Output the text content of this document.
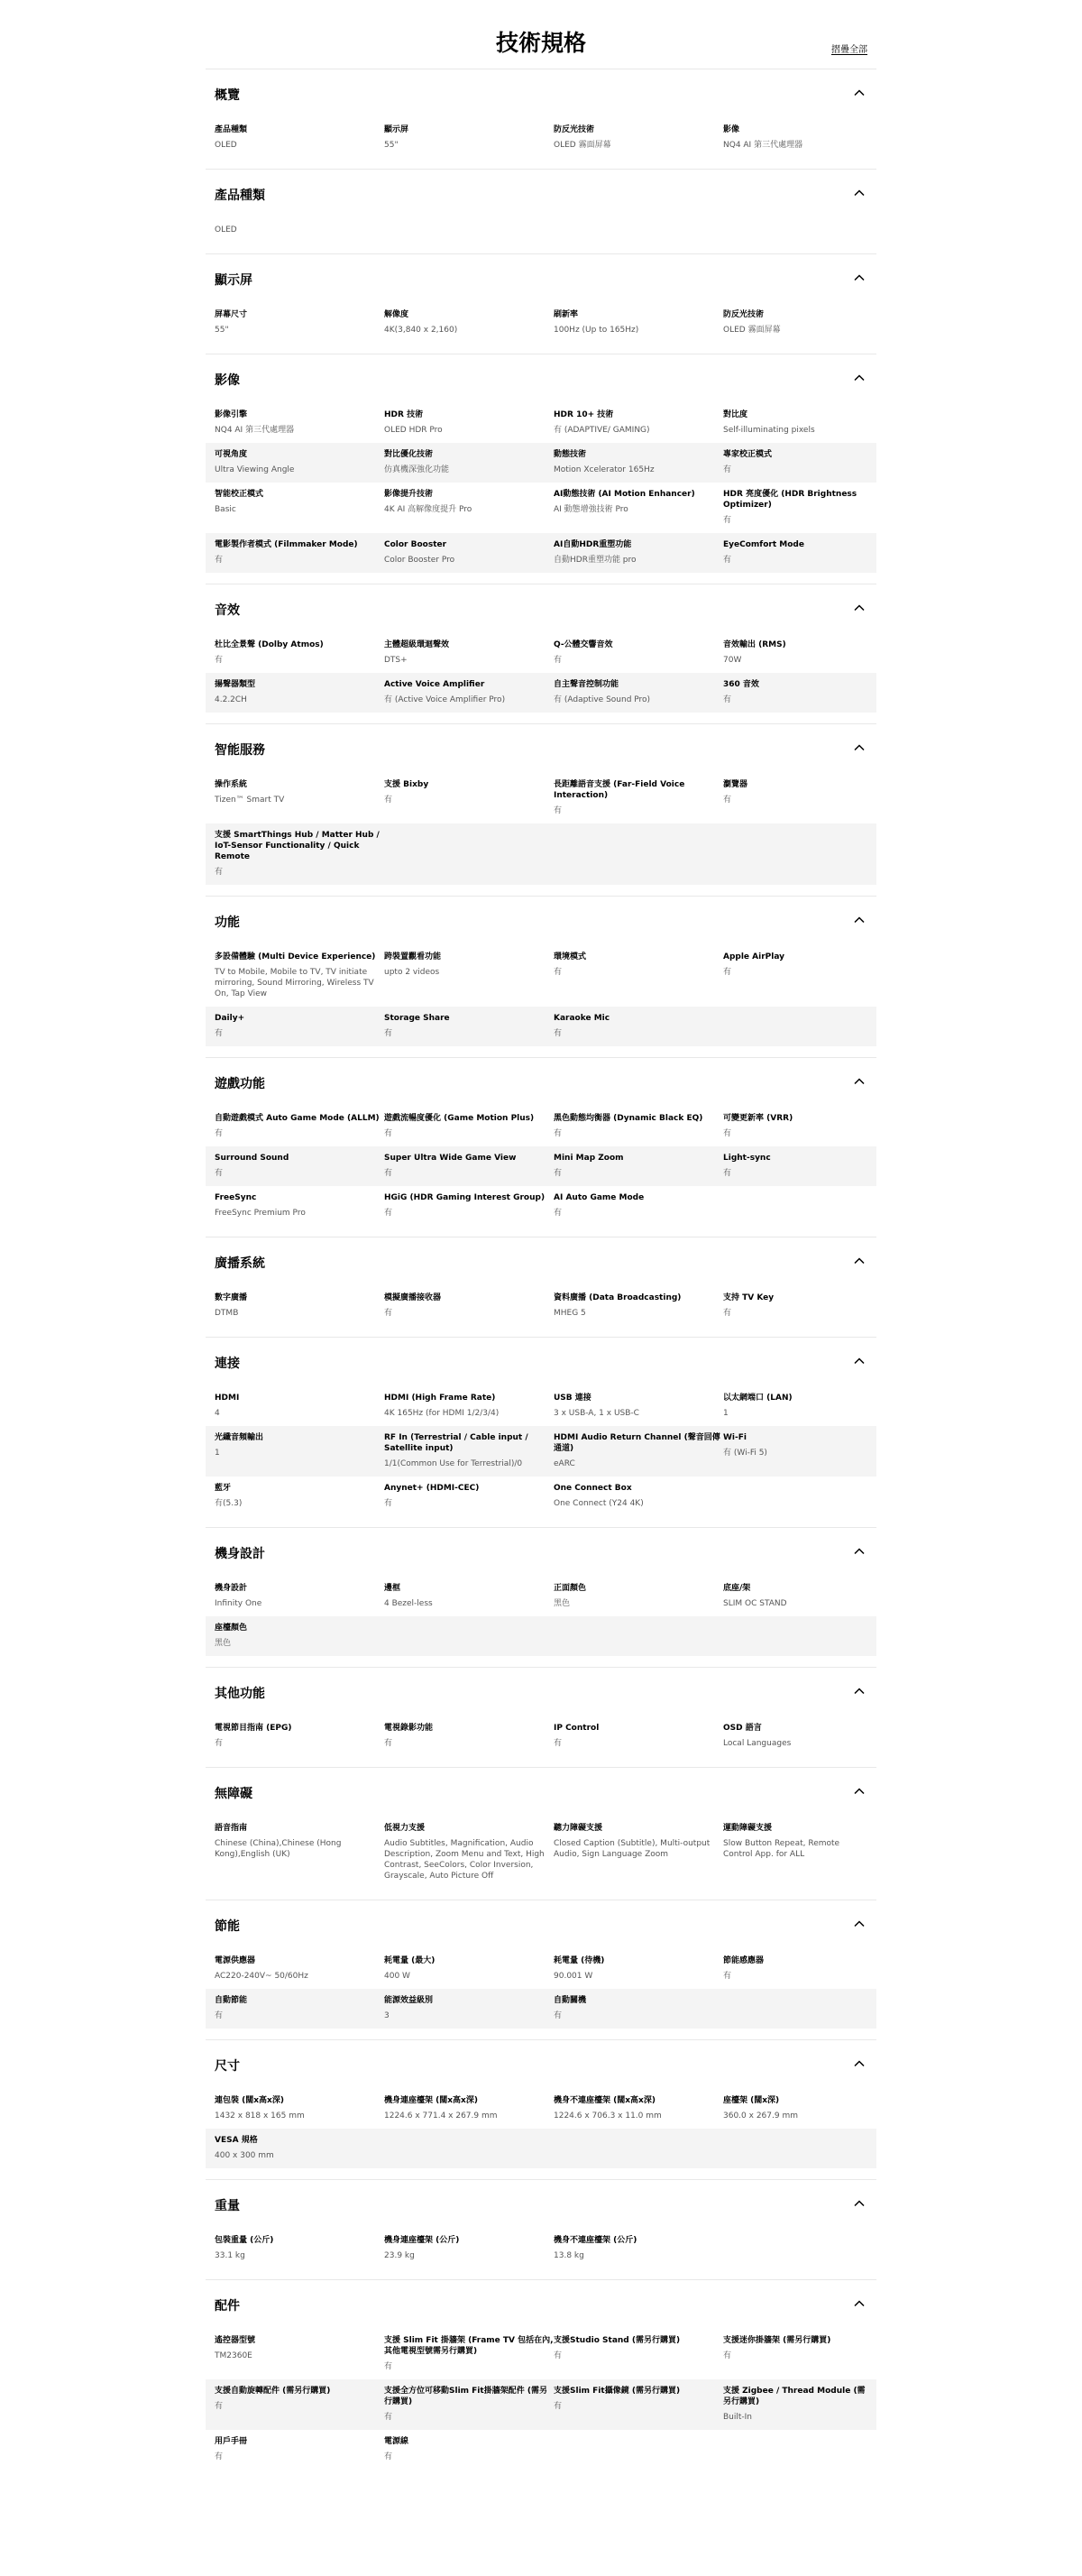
技術規格	摺疊全部
概覽
產品種類
OLED
顯示屏
55"
防反光技術
OLED 霧面屏幕
影像
NQ4 AI 第三代處理器
產品種類
OLED
顯示屏
屏幕尺寸
55"
解像度
4K(3,840 x 2,160)
刷新率
100Hz (Up to 165Hz)
防反光技術
OLED 霧面屏幕
影像
影像引擎
NQ4 AI 第三代處理器
HDR 技術
OLED HDR Pro
HDR 10+ 技術
有 (ADAPTIVE/ GAMING)
對比度
Self-illuminating pixels
可視角度
Ultra Viewing Angle
對比優化技術
仿真機深強化功能
動態技術
Motion Xcelerator 165Hz
專家校正模式
有
智能校正模式
Basic
影像提升技術
4K AI 高解像度提升 Pro
AI動態技術 (AI Motion Enhancer)
AI 動態增強技術 Pro
HDR 亮度優化 (HDR Brightness Optimizer)
有
電影製作者模式 (Filmmaker Mode)
有
Color Booster
Color Booster Pro
AI自動HDR重塑功能
自動HDR重塑功能 pro
EyeComfort Mode
有
音效
杜比全景聲 (Dolby Atmos)
有
主體超級環迴聲效
DTS+
Q-公體交響音效
有
音效輸出 (RMS)
70W
揚聲器類型
4.2.2CH
Active Voice Amplifier
有 (Active Voice Amplifier Pro)
自主聲音控制功能
有 (Adaptive Sound Pro)
360 音效
有
智能服務
操作系統
Tizen™ Smart TV
支援 Bixby
有
長距離語音支援 (Far-Field Voice Interaction)
有
瀏覽器
有
支援 SmartThings Hub / Matter Hub / IoT-Sensor Functionality / Quick Remote
有
功能
多設備體驗 (Multi Device Experience)
TV to Mobile, Mobile to TV, TV initiate mirroring, Sound Mirroring, Wireless TV On, Tap View
跨裝置觀看功能
upto 2 videos
環境模式
有
Apple AirPlay
有
Daily+
有
Storage Share
有
Karaoke Mic
有
遊戲功能
自動遊戲模式 Auto Game Mode (ALLM)
有
遊戲流暢度優化 (Game Motion Plus)
有
黑色動態均衡器 (Dynamic Black EQ)
有
可變更新率 (VRR)
有
Surround Sound
有
Super Ultra Wide Game View
有
Mini Map Zoom
有
Light-sync
有
FreeSync
FreeSync Premium Pro
HGiG (HDR Gaming Interest Group)
有
AI Auto Game Mode
有
廣播系統
數字廣播
DTMB
模擬廣播接收器
有
資料廣播 (Data Broadcasting)
MHEG 5
支持 TV Key
有
連接
HDMI
4
HDMI (High Frame Rate)
4K 165Hz (for HDMI 1/2/3/4)
USB 連接
3 x USB-A, 1 x USB-C
以太網端口 (LAN)
1
光纖音頻輸出
1
RF In (Terrestrial / Cable input / Satellite input)
1/1(Common Use for Terrestrial)/0
HDMI Audio Return Channel (聲音回傳通道)
eARC
Wi-Fi
有 (Wi-Fi 5)
藍牙
有(5.3)
Anynet+ (HDMI-CEC)
有
One Connect Box
One Connect (Y24 4K)
機身設計
機身設計
Infinity One
邊框
4 Bezel-less
正面顏色
黑色
底座/架
SLIM OC STAND
座檯顏色
黑色
其他功能
電視節目指南 (EPG)
有
電視錄影功能
有
IP Control
有
OSD 語言
Local Languages
無障礙
語音指南
Chinese (China),Chinese (Hong Kong),English (UK)
低視力支援
Audio Subtitles, Magnification, Audio Description, Zoom Menu and Text, High Contrast, SeeColors, Color Inversion, Grayscale, Auto Picture Off
聽力障礙支援
Closed Caption (Subtitle), Multi-output Audio, Sign Language Zoom
運動障礙支援
Slow Button Repeat, Remote Control App. for ALL
節能
電源供應器
AC220-240V~ 50/60Hz
耗電量 (最大)
400 W
耗電量 (待機)
90.001 W
節能感應器
有
自動節能
有
能源效益級別
3
自動關機
有
尺寸
連包裝 (闊x高x深)
1432 x 818 x 165 mm
機身連座檯架 (闊x高x深)
1224.6 x 771.4 x 267.9 mm
機身不連座檯架 (闊x高x深)
1224.6 x 706.3 x 11.0 mm
座檯架 (闊x深)
360.0 x 267.9 mm
VESA 規格
400 x 300 mm
重量
包裝重量 (公斤)
33.1 kg
機身連座檯架 (公斤)
23.9 kg
機身不連座檯架 (公斤)
13.8 kg
配件
遙控器型號
TM2360E
支援 Slim Fit 掛牆架 (Frame TV 包括在內, 其他電視型號需另行購買)
有
支援Studio Stand (需另行購買)
有
支援迷你掛牆架 (需另行購買)
有
支援自動旋轉配件 (需另行購買)
有
支援全方位可移動Slim Fit掛牆架配件 (需另行購買)
有
支援Slim Fit攝像鏡 (需另行購買)
有
支援 Zigbee / Thread Module (需另行購買)
Built-In
用戶手冊
有
電源線
有
